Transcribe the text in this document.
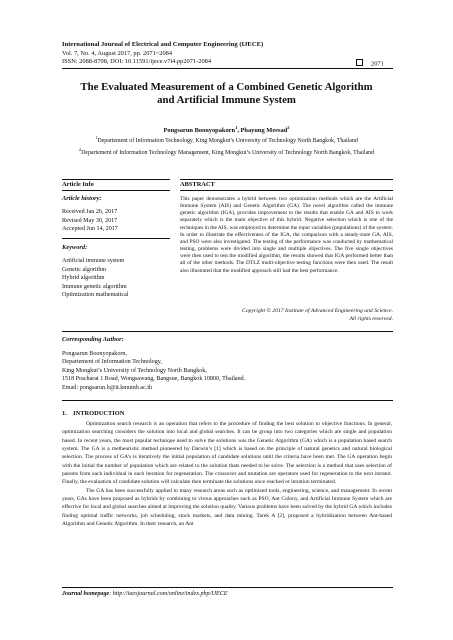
International Journal of Electrical and Computer Engineering (IJECE)
Vol. 7, No. 4, August 2017, pp. 2071~2084
ISSN: 2088-8708, DOI: 10.11591/ijece.v7i4.pp2071-2084	2071
The Evaluated Measurement of a Combined Genetic Algorithm
and Artificial Immune System
Pongsarun Boonyopakorn$^1$, Phayung Meesad$^2$
$^1$Departement of Information Technology, King Mongkut’s University of Technology North Bangkok, Thailand
$^2$Departement of Information Technology Management, King Mongkut’s University of Technology North Bangkok, Thailand
Article Info	ABSTRACT
Article history:
Received Jan 26, 2017
Revised May 30, 2017
Accepted Jun 14, 2017
Keyword:
Artificial immune system
Genetic algorithm
Hybrid algorithm
Immune genetic algorithm
Optimization mathematical
This paper demonstrates a hybrid between two optimization methods which are the Artificial Immune System (AIS) and Genetic Algorithm (GA). The novel algorithm called the immune genetic algorithm (IGA), provides improvement to the results that enable GA and AIS to work separately which is the main objective of this hybrid. Negative selection which is one of the techniques in the AIS, was employed to determine the input variables (populations) of the system. In order to illustrate the effectiveness of the IGA, the comparison with a steady-state GA, AIS, and PSO were also investigated. The testing of the performance was conducted by mathematical testing, problems were divided into single and multiple objectives. The five single objectives were then used to test the modified algorithm, the results showed that IGA performed better than all of the other methods. The DTLZ multi-objective testing functions were then used. The result also illustrated that the modified approach still had the best performance.
Copyright © 2017 Institute of Advanced Engineering and Science.
All rights reserved.
Corresponding Author:
Pongsarun Boonyopakorn,
Departement of Information Technology,
King Mongkut’s University of Technology North Bangkok,
1518 Pracharat 1 Road, Wongsawang, Bangsue, Bangkok 10800, Thailand.
Email: pongsarun.b@it.kmutnb.ac.th
1.    INTRODUCTION

Optimization search research is an operation that refers to the procedure of finding the best solution to objective functions. In general, optimization searching considers the solution into local and global searches. It can be group into two categories which are single and population based. In recent years, the most popular technique used to solve the solutions was the Genetic Algorithm (GA) which is a population based search system. The GA is a metheuristic method pioneered by Darwin’s [1] which is based on the principle of natural genetics and natural biological selection. The process of GA’s is iteratively the initial population of candidate solutions until the criteria have been met. The GA operation begin with the initial the number of population which are related to the solution thats needed to be solve. The selection is a method that uses selection of parents from each individual in each iteration for regeneration. The crossover and mutation are operators used for regeneration to the next iterator. Finally, the evaluation of candidate solution will calculate then terminate the solutions once reached or iteration terminated.

The GA has been successfully applied to many research areas such as optimized tools, engineering, science, and management. In recent years, GAs have been proposed as hybrids by combining to virous approaches such as PSO, Ant Colony, and Artificial Immune System which are effective for local and global searches aimed at improving the solution quality. Various problems have been solved by the hybrid GA which includes finding optimal traffic networks, job scheduling, stock markets, and data mining. Tarek A [2], proposed a hybridization between Ant-based Algorithm and Genetic Algorithm. In their research, an Ant

Journal homepage: http://iaesjournal.com/online/index.php/IJECE
